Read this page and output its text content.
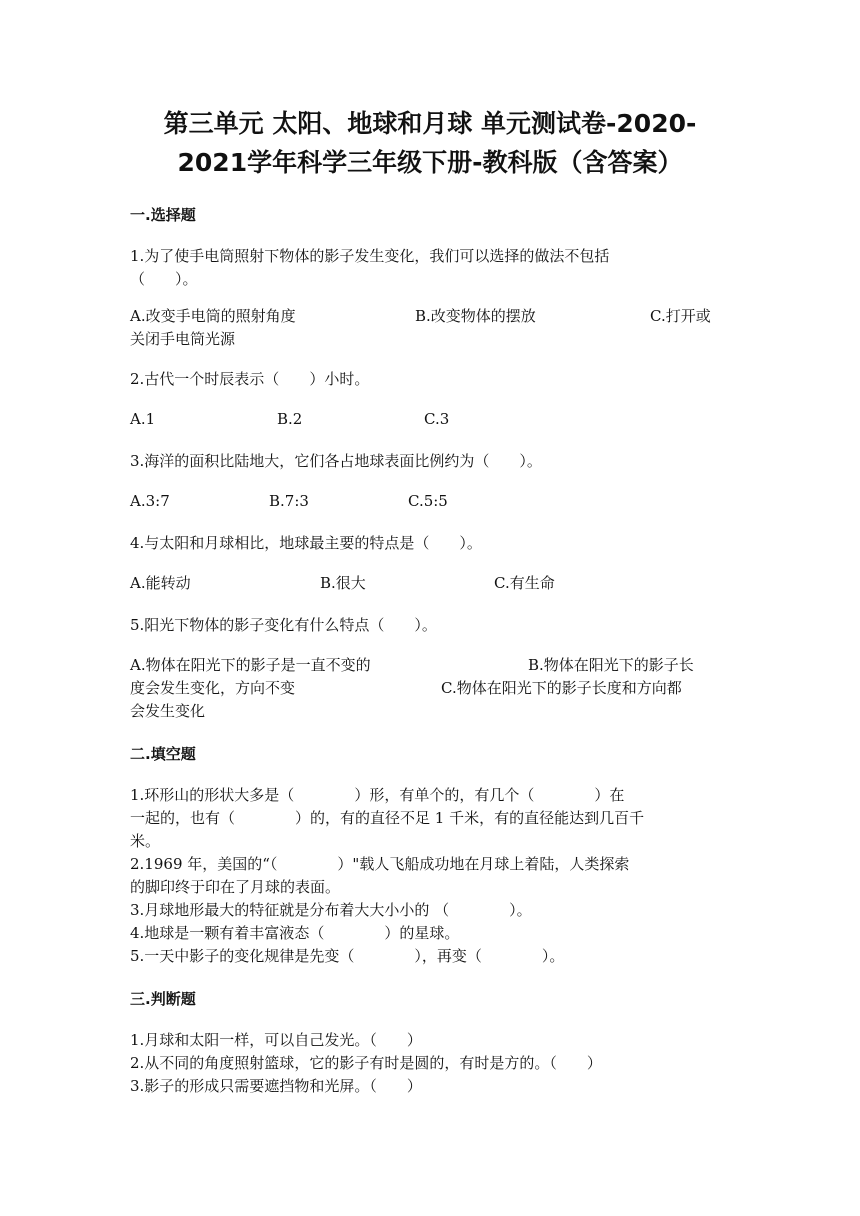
第三单元 太阳、地球和月球 单元测试卷-2020-
2021学年科学三年级下册-教科版（含答案）
一.选择题
1.为了使手电筒照射下物体的影子发生变化，我们可以选择的做法不包括
（　　）。
A.改变手电筒的照射角度	B.改变物体的摆放	C.打开或
关闭手电筒光源
2.古代一个时辰表示（　　）小时。
A.1	B.2	C.3
3.海洋的面积比陆地大，它们各占地球表面比例约为（　　）。
A.3:7	B.7:3	C.5:5
4.与太阳和月球相比，地球最主要的特点是（　　）。
A.能转动	B.很大	C.有生命
5.阳光下物体的影子变化有什么特点（　　）。
A.物体在阳光下的影子是一直不变的	B.物体在阳光下的影子长
度会发生变化，方向不变	C.物体在阳光下的影子长度和方向都
会发生变化
二.填空题
1.环形山的形状大多是（　　　　）形，有单个的，有几个（　　　　）在
一起的，也有（　　　　）的，有的直径不足 1 千米，有的直径能达到几百千
米。
2.1969 年，美国的“（　　　　）"载人飞船成功地在月球上着陆，人类探索
的脚印终于印在了月球的表面。
3.月球地形最大的特征就是分布着大大小小的 （　　　　）。
4.地球是一颗有着丰富液态（　　　　）的星球。
5.一天中影子的变化规律是先变（　　　　），再变（　　　　）。
三.判断题
1.月球和太阳一样，可以自己发光。（　　）
2.从不同的角度照射篮球，它的影子有时是圆的，有时是方的。（　　）
3.影子的形成只需要遮挡物和光屏。（　　）
